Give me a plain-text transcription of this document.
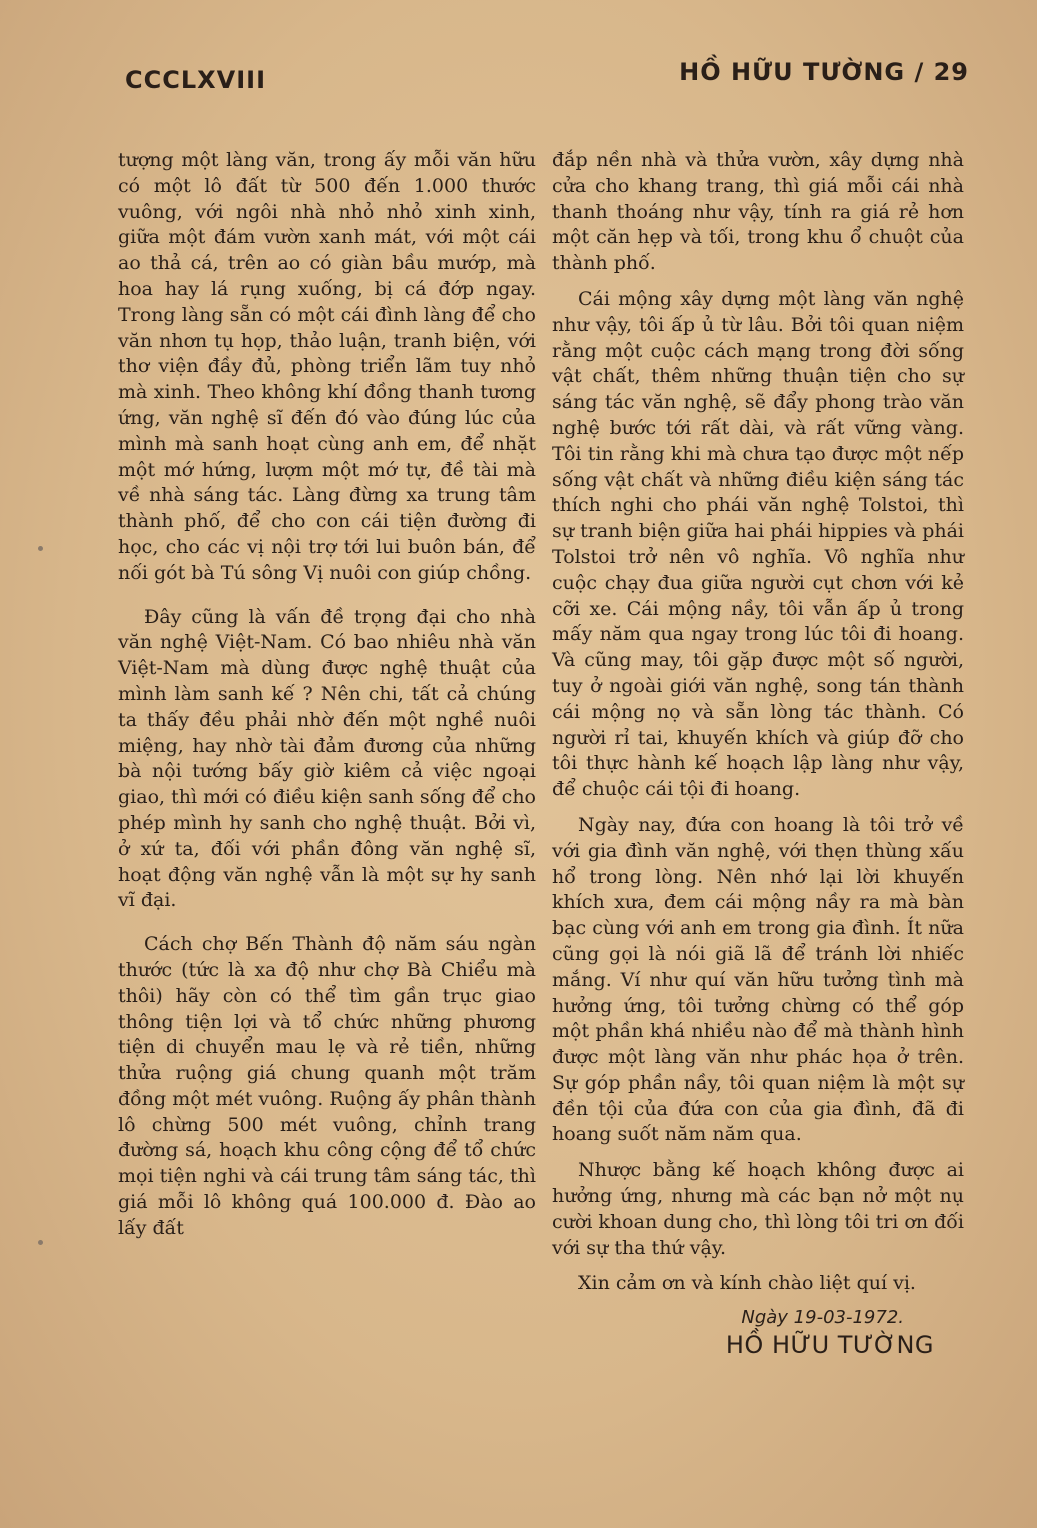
CCCLXVIII	HỒ HỮU TƯỜNG / 29

tượng một làng văn, trong ấy mỗi văn hữu có một lô đất từ 500 đến 1.000 thước vuông, với ngôi nhà nhỏ nhỏ xinh xinh, giữa một đám vườn xanh mát, với một cái ao thả cá, trên ao có giàn bầu mướp, mà hoa hay lá rụng xuống, bị cá đớp ngay. Trong làng sẵn có một cái đình làng để cho văn nhơn tụ họp, thảo luận, tranh biện, với thơ viện đầy đủ, phòng triển lãm tuy nhỏ mà xinh. Theo không khí đồng thanh tương ứng, văn nghệ sĩ đến đó vào đúng lúc của mình mà sanh hoạt cùng anh em, để nhặt một mớ hứng, lượm một mớ tự, đề tài mà về nhà sáng tác. Làng đừng xa trung tâm thành phố, để cho con cái tiện đường đi học, cho các vị nội trợ tới lui buôn bán, để nối gót bà Tú sông Vị nuôi con giúp chồng.

Đây cũng là vấn đề trọng đại cho nhà văn nghệ Việt-Nam. Có bao nhiêu nhà văn Việt-Nam mà dùng được nghệ thuật của mình làm sanh kế ? Nên chi, tất cả chúng ta thấy đều phải nhờ đến một nghề nuôi miệng, hay nhờ tài đảm đương của những bà nội tướng bấy giờ kiêm cả việc ngoại giao, thì mới có điều kiện sanh sống để cho phép mình hy sanh cho nghệ thuật. Bởi vì, ở xứ ta, đối với phần đông văn nghệ sĩ, hoạt động văn nghệ vẫn là một sự hy sanh vĩ đại.

Cách chợ Bến Thành độ năm sáu ngàn thước (tức là xa độ như chợ Bà Chiểu mà thôi) hãy còn có thể tìm gần trục giao thông tiện lợi và tổ chức những phương tiện di chuyển mau lẹ và rẻ tiền, những thửa ruộng giá chung quanh một trăm đồng một mét vuông. Ruộng ấy phân thành lô chừng 500 mét vuông, chỉnh trang đường sá, hoạch khu công cộng để tổ chức mọi tiện nghi và cái trung tâm sáng tác, thì giá mỗi lô không quá 100.000 đ. Đào ao lấy đất

đắp nền nhà và thửa vườn, xây dựng nhà cửa cho khang trang, thì giá mỗi cái nhà thanh thoáng như vậy, tính ra giá rẻ hơn một căn hẹp và tối, trong khu ổ chuột của thành phố.

Cái mộng xây dựng một làng văn nghệ như vậy, tôi ấp ủ từ lâu. Bởi tôi quan niệm rằng một cuộc cách mạng trong đời sống vật chất, thêm những thuận tiện cho sự sáng tác văn nghệ, sẽ đẩy phong trào văn nghệ bước tới rất dài, và rất vững vàng. Tôi tin rằng khi mà chưa tạo được một nếp sống vật chất và những điều kiện sáng tác thích nghi cho phái văn nghệ Tolstoi, thì sự tranh biện giữa hai phái hippies và phái Tolstoi trở nên vô nghĩa. Vô nghĩa như cuộc chạy đua giữa người cụt chơn với kẻ cỡi xe. Cái mộng nầy, tôi vẫn ấp ủ trong mấy năm qua ngay trong lúc tôi đi hoang. Và cũng may, tôi gặp được một số người, tuy ở ngoài giới văn nghệ, song tán thành cái mộng nọ và sẵn lòng tác thành. Có người rỉ tai, khuyến khích và giúp đỡ cho tôi thực hành kế hoạch lập làng như vậy, để chuộc cái tội đi hoang.

Ngày nay, đứa con hoang là tôi trở về với gia đình văn nghệ, với thẹn thùng xấu hổ trong lòng. Nên nhớ lại lời khuyến khích xưa, đem cái mộng nầy ra mà bàn bạc cùng với anh em trong gia đình. Ít nữa cũng gọi là nói giã lã để tránh lời nhiếc mắng. Ví như quí văn hữu tưởng tình mà hưởng ứng, tôi tưởng chừng có thể góp một phần khá nhiều nào để mà thành hình được một làng văn như phác họa ở trên. Sự góp phần nầy, tôi quan niệm là một sự đền tội của đứa con của gia đình, đã đi hoang suốt năm năm qua.

Nhược bằng kế hoạch không được ai hưởng ứng, nhưng mà các bạn nở một nụ cười khoan dung cho, thì lòng tôi tri ơn đối với sự tha thứ vậy.

Xin cảm ơn và kính chào liệt quí vị.

Ngày 19-03-1972.
HỒ HỮU TƯỜNG
